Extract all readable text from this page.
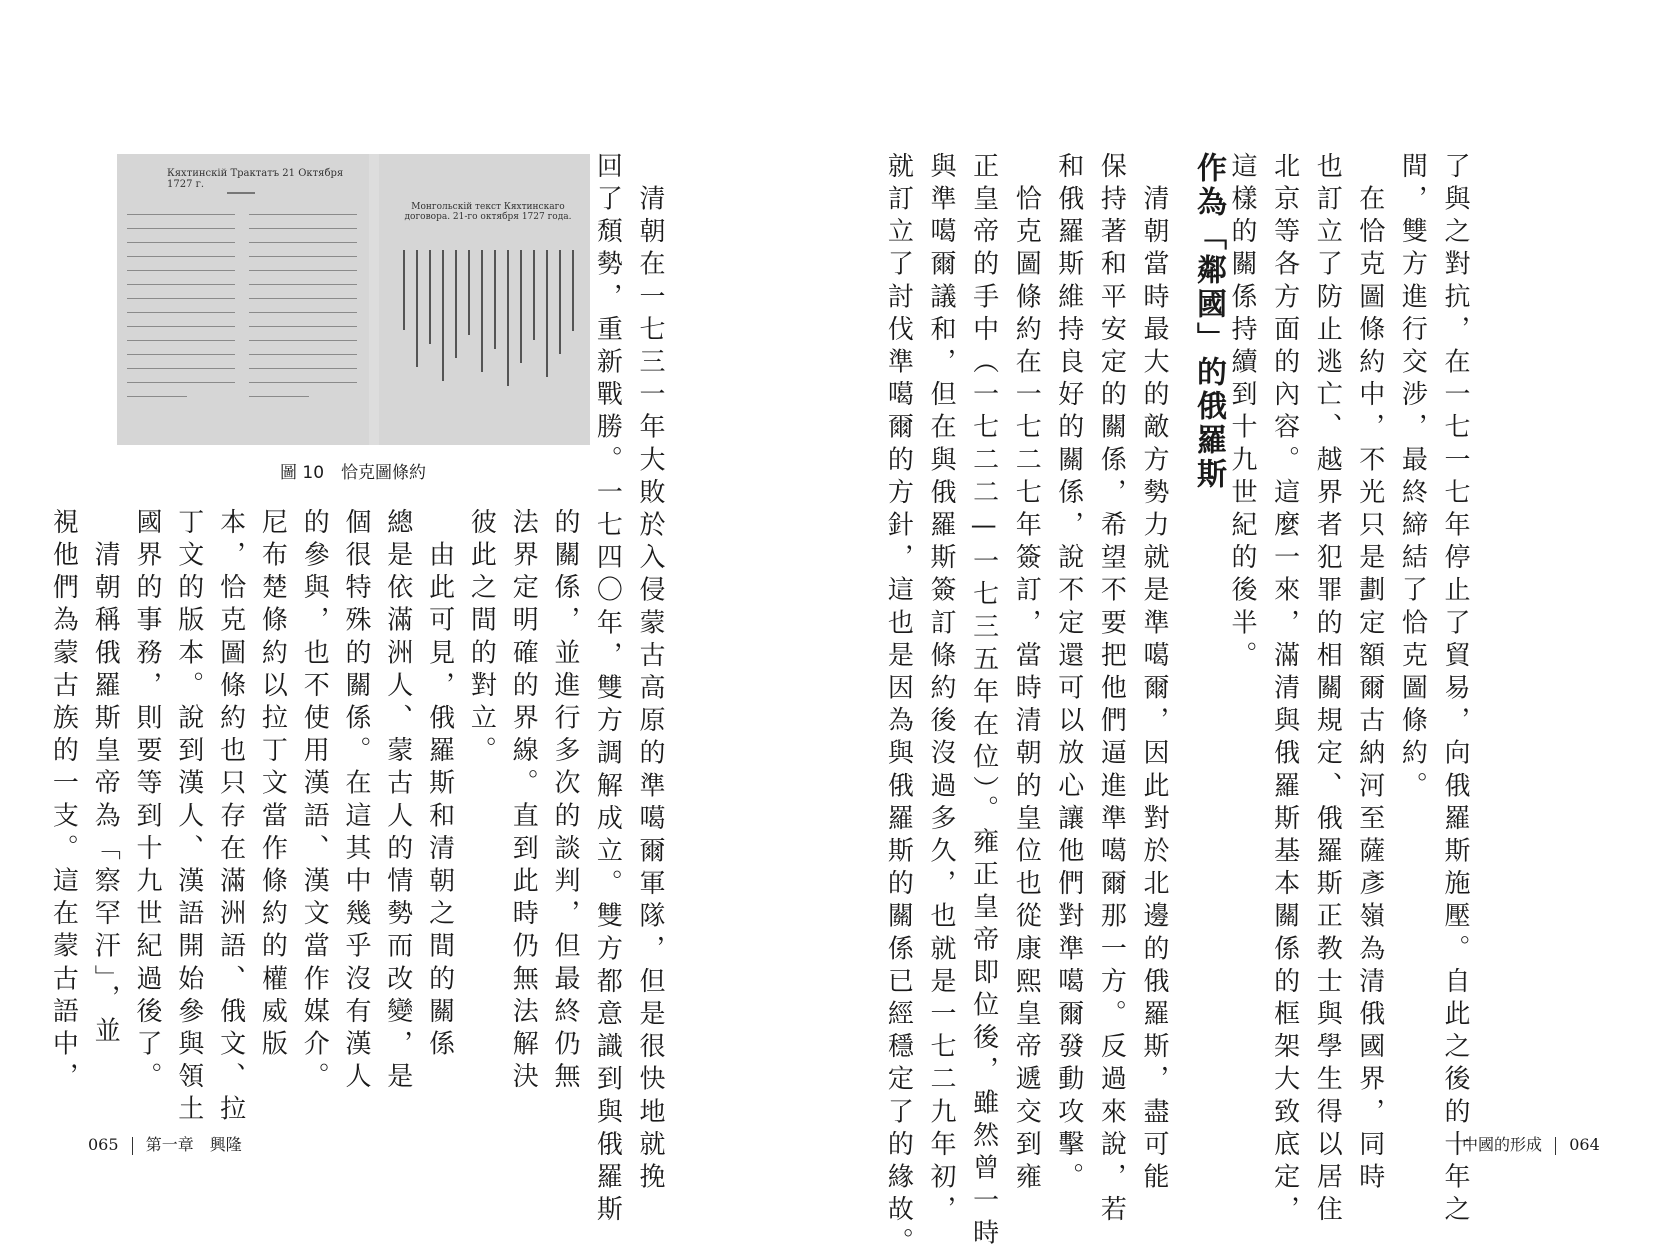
了與之對抗，在一七一七年停止了貿易，向俄羅斯施壓。自此之後的十年之
間，雙方進行交涉，最終締結了恰克圖條約。
　在恰克圖條約中，不光只是劃定額爾古納河至薩彥嶺為清俄國界，同時
也訂立了防止逃亡、越界者犯罪的相關規定、俄羅斯正教士與學生得以居住
北京等各方面的內容。這麼一來，滿清與俄羅斯基本關係的框架大致底定，
這樣的關係持續到十九世紀的後半。
作為「鄰國」的俄羅斯
　清朝當時最大的敵方勢力就是準噶爾，因此對於北邊的俄羅斯，盡可能
保持著和平安定的關係，希望不要把他們逼進準噶爾那一方。反過來說，若
和俄羅斯維持良好的關係，說不定還可以放心讓他們對準噶爾發動攻擊。
　恰克圖條約在一七二七年簽訂，當時清朝的皇位也從康熙皇帝遞交到雍
正皇帝的手中（一七二二—一七三五年在位）。雍正皇帝即位後，雖然曾一時
與準噶爾議和，但在與俄羅斯簽訂條約後沒過多久，也就是一七二九年初，
就訂立了討伐準噶爾的方針，這也是因為與俄羅斯的關係已經穩定了的緣故。
　清朝在一七三一年大敗於入侵蒙古高原的準噶爾軍隊，但是很快地就挽
回了頹勢，重新戰勝。一七四〇年，雙方調解成立。雙方都意識到與俄羅斯
的關係，並進行多次的談判，但最終仍無
法界定明確的界線。直到此時仍無法解決
彼此之間的對立。
　由此可見，俄羅斯和清朝之間的關係
總是依滿洲人、蒙古人的情勢而改變，是
個很特殊的關係。在這其中幾乎沒有漢人
的參與，也不使用漢語、漢文當作媒介。
尼布楚條約以拉丁文當作條約的權威版
本，恰克圖條約也只存在滿洲語、俄文、拉
丁文的版本。說到漢人、漢語開始參與領土
國界的事務，則要等到十九世紀過後了。
　清朝稱俄羅斯皇帝為「察罕汗」，並
視他們為蒙古族的一支。這在蒙古語中，
Кяхтинскій Трактатъ 21 Октября 1727 г.
Монгольскій текст Кяхтинскаго договора. 21-го октября 1727 года.
圖 10　恰克圖條約
065 第一章　興隆	中國的形成 064
